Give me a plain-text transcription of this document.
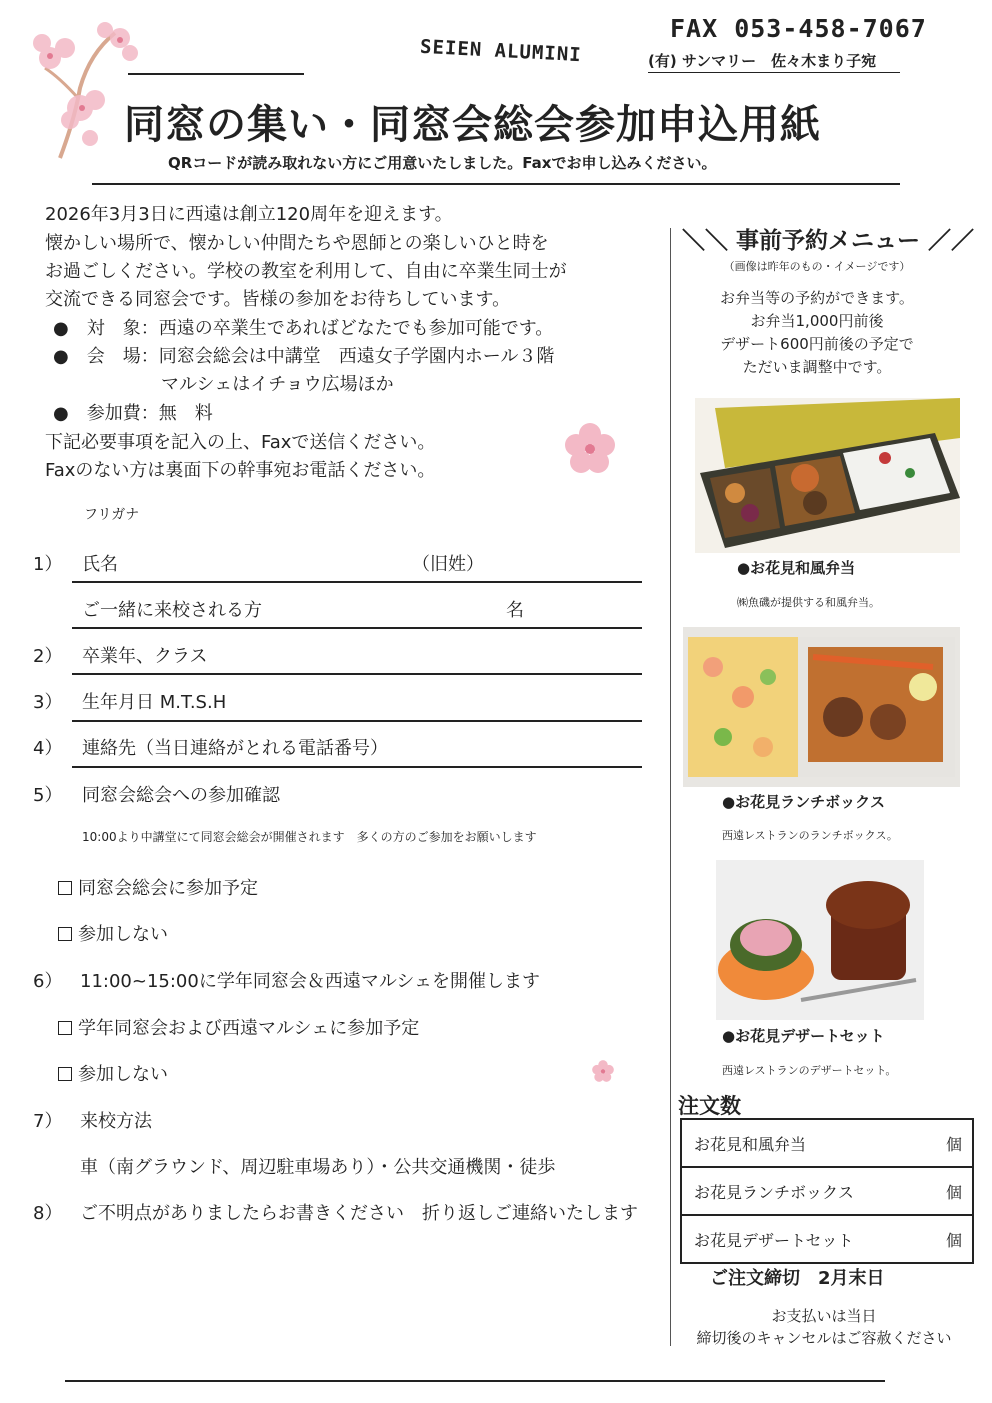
SEIEN ALUMINI
FAX 053-458-7067
(有) サンマリー　佐々木まり子宛
同窓の集い・同窓会総会参加申込用紙
QRコードが読み取れない方にご用意いたしました。Faxでお申し込みください。

2026年3月3日に西遠は創立120周年を迎えます。

懐かしい場所で、懐かしい仲間たちや恩師との楽しいひと時を

お過ごしください。学校の教室を利用して、自由に卒業生同士が

交流できる同窓会です。皆様の参加をお待ちしています。

●　対　象：西遠の卒業生であればどなたでも参加可能です。
●　会　場：同窓会総会は中講堂　西遠女子学園内ホール３階
　　　　　　マルシェはイチョウ広場ほか
●　参加費：無　料
下記必要事項を記入の上、Faxで送信ください。
Faxのない方は裏面下の幹事宛お電話ください。
フリガナ
1） 氏名	（旧姓）
ご一緒に来校される方	名
2） 卒業年、クラス
3） 生年月日 M.T.S.H
4） 連絡先（当日連絡がとれる電話番号）
5） 同窓会総会への参加確認
10:00より中講堂にて同窓会総会が開催されます　多くの方のご参加をお願いします
同窓会総会に参加予定
参加しない
6） 11:00~15:00に学年同窓会＆西遠マルシェを開催します
学年同窓会および西遠マルシェに参加予定
参加しない
7） 来校方法
車（南グラウンド、周辺駐車場あり）・公共交通機関・徒歩
8） ご不明点がありましたらお書きください　折り返しご連絡いたします
＼＼ 事前予約メニュー ／／
（画像は昨年のもの・イメージです）
お弁当等の予約ができます。
お弁当1,000円前後
デザート600円前後の予定で
ただいま調整中です。
●お花見和風弁当
㈱魚磯が提供する和風弁当。
●お花見ランチボックス
西遠レストランのランチボックス。
●お花見デザートセット
西遠レストランのデザートセット。
注文数
お花見和風弁当	個
お花見ランチボックス	個
お花見デザートセット	個
ご注文締切　2月末日
お支払いは当日
締切後のキャンセルはご容赦ください
